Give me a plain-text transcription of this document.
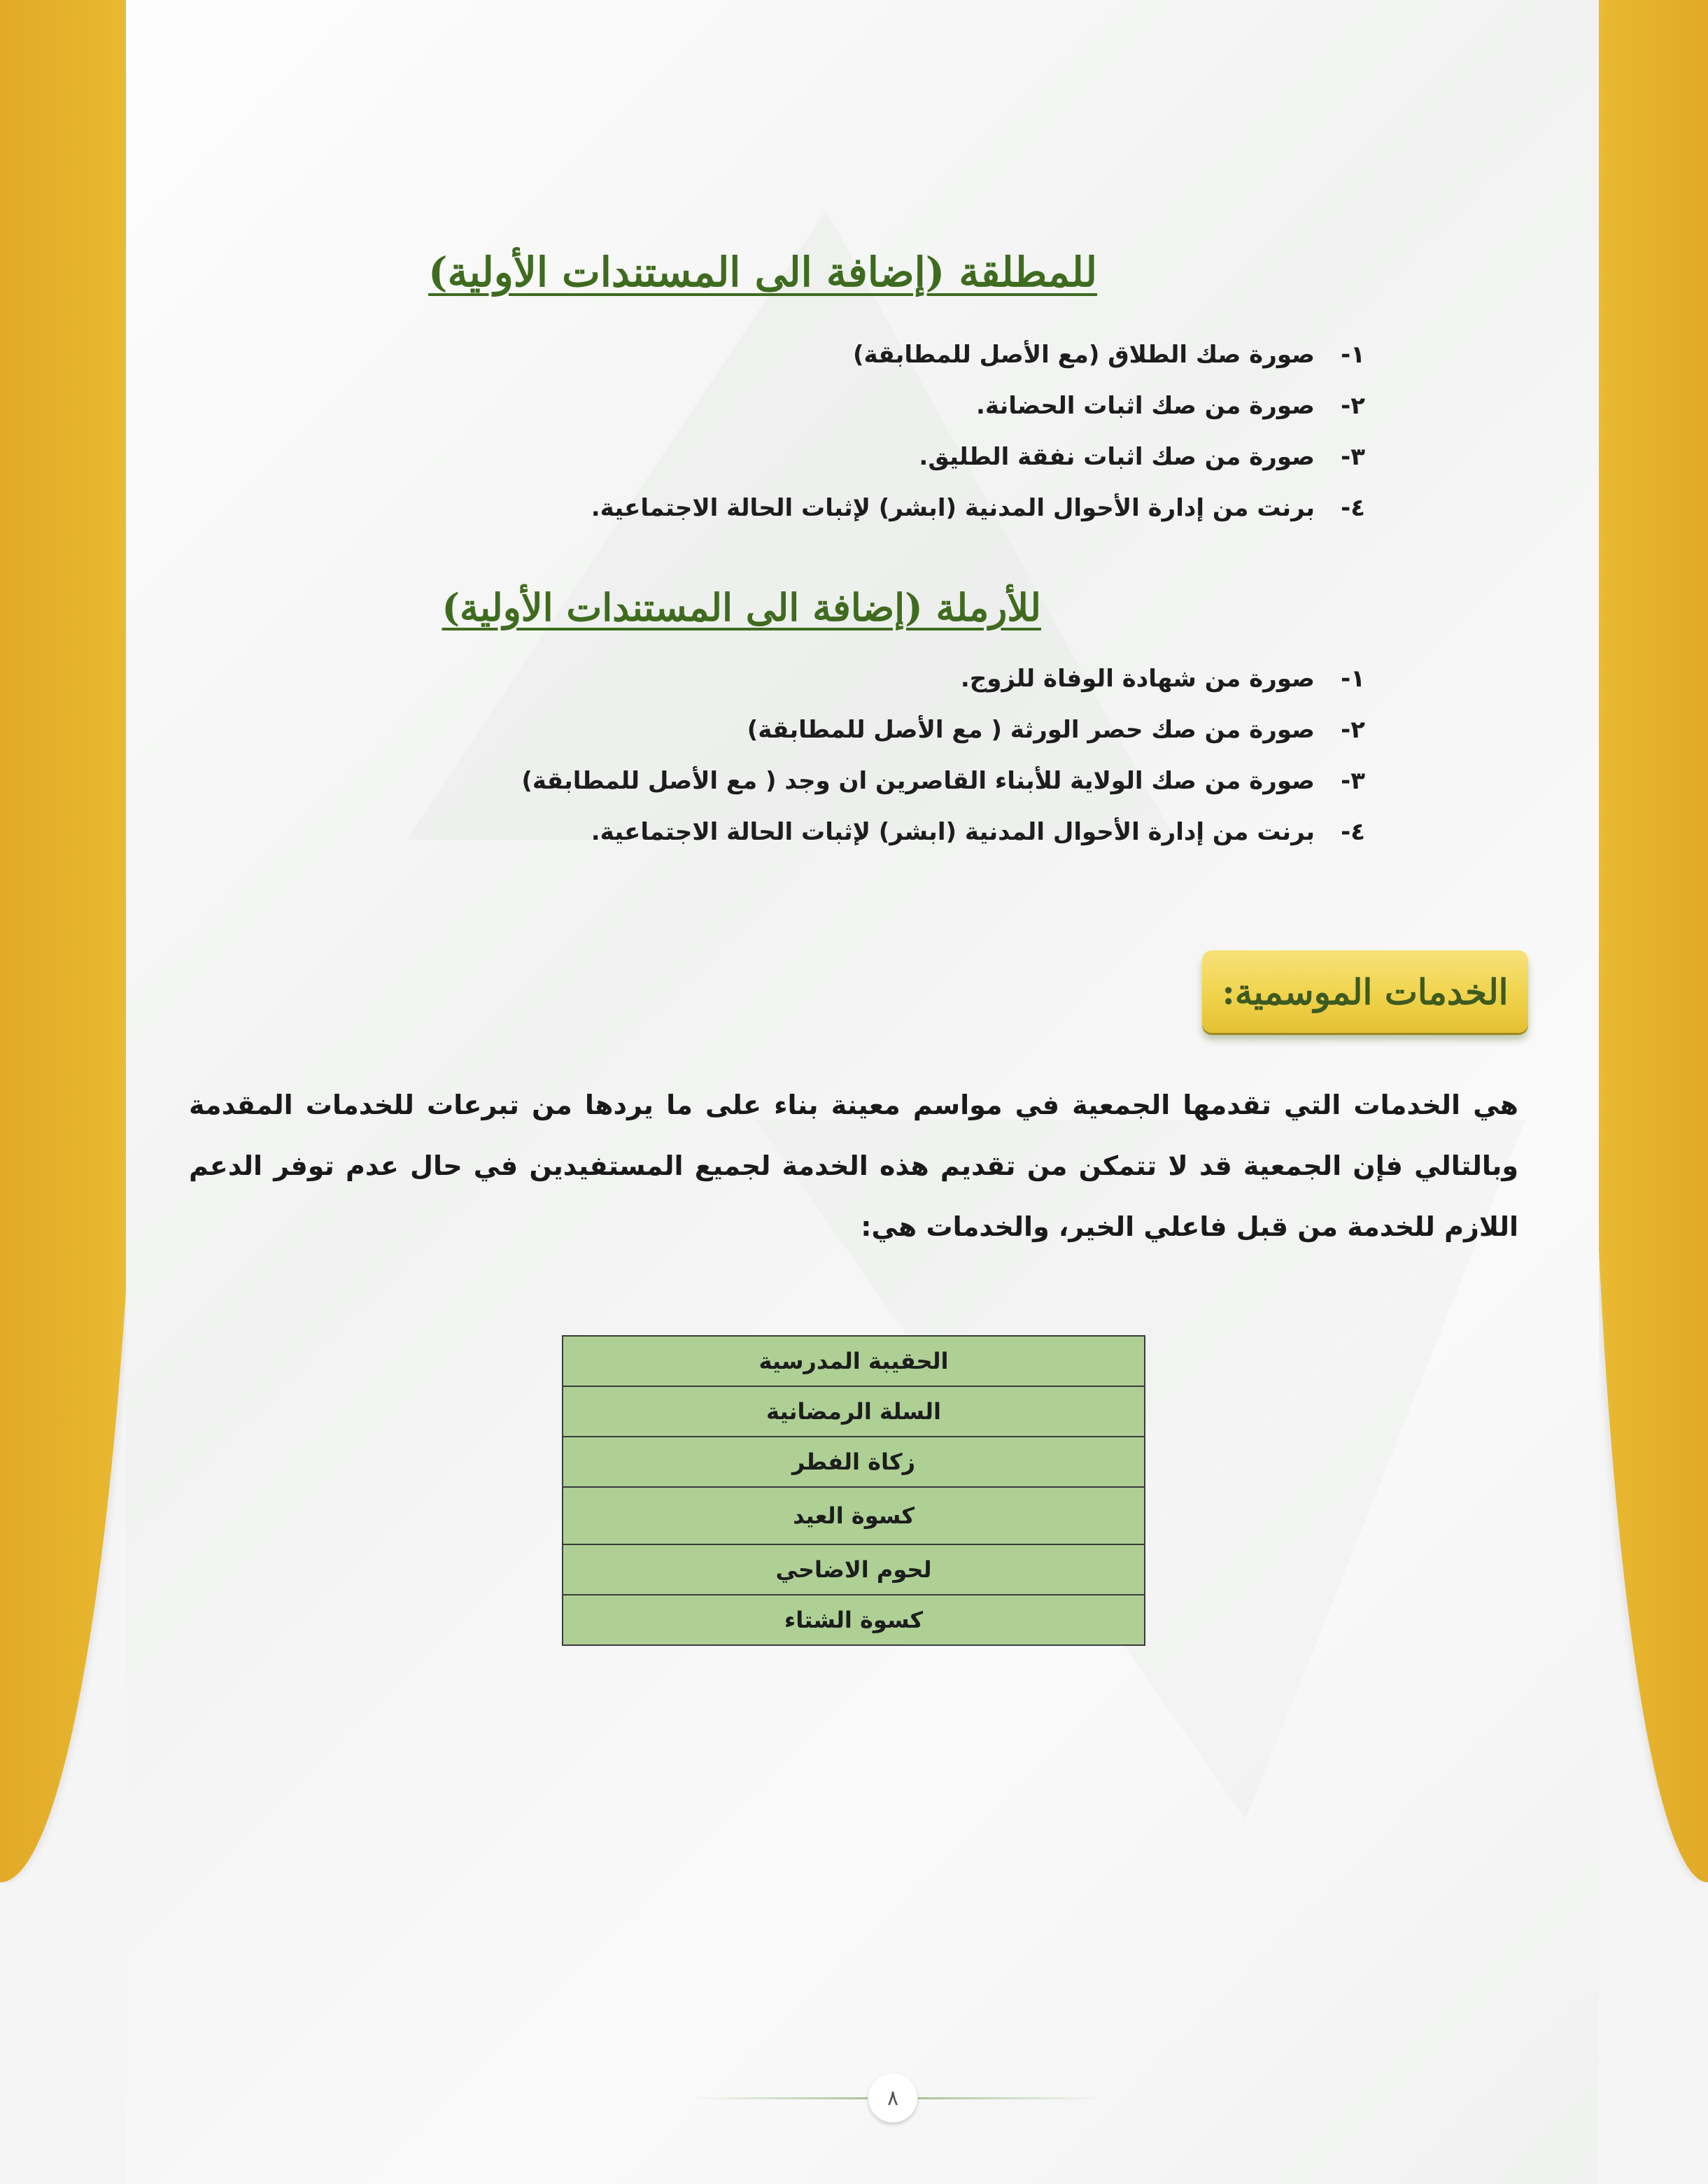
للمطلقة (إضافة الى المستندات الأولية)
١-
صورة صك الطلاق (مع الأصل للمطابقة)
٢-
صورة من صك اثبات الحضانة.
٣-
صورة من صك اثبات نفقة الطليق.
٤-
برنت من إدارة الأحوال المدنية (ابشر) لإثبات الحالة الاجتماعية.
للأرملة (إضافة الى المستندات الأولية)
١-
صورة من شهادة الوفاة للزوج.
٢-
صورة من صك حصر الورثة ( مع الأصل للمطابقة)
٣-
صورة من صك الولاية للأبناء القاصرين ان وجد ( مع الأصل للمطابقة)
٤-
برنت من إدارة الأحوال المدنية (ابشر) لإثبات الحالة الاجتماعية.
الخدمات الموسمية:

هي الخدمات التي تقدمها الجمعية في مواسم معينة بناء على ما يردها من تبرعات للخدمات المقدمة وبالتالي فإن الجمعية قد لا تتمكن من تقديم هذه الخدمة لجميع المستفيدين في حال عدم توفر الدعم اللازم للخدمة من قبل فاعلي الخير، والخدمات هي:

الحقيبة المدرسية
السلة الرمضانية
زكاة الفطر
كسوة العيد
لحوم الاضاحي
كسوة الشتاء
٨
